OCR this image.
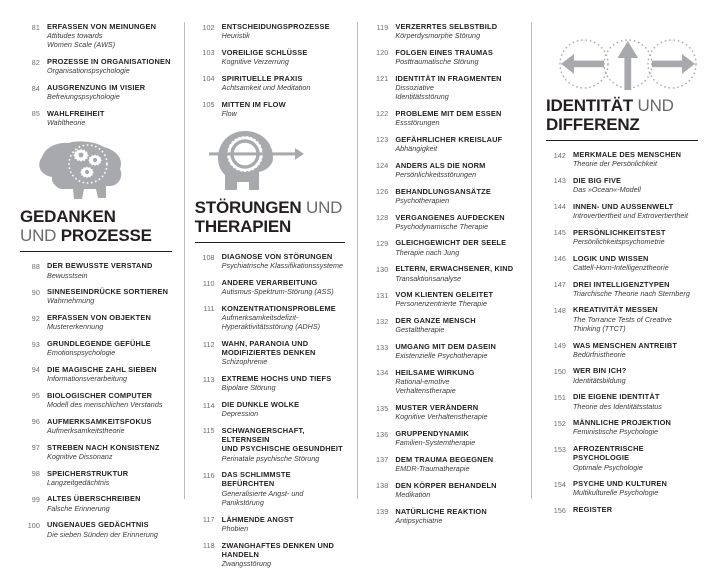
81 ERFASSEN VON MEINUNGEN
Attitudes towards
Women Scale (AWS)
82 PROZESSE IN ORGANISATIONEN
Organisationspsychologie
84 AUSGRENZUNG IM VISIER
Befreiungspsychologie
85 WAHLFREIHEIT
Wahltheorie
GEDANKEN
UND PROZESSE
88 DER BEWUSSTE VERSTAND
Bewusstsein
90 SINNESEINDRÜCKE SORTIEREN
Wahrnehmung
92 ERFASSEN VON OBJEKTEN
Mustererkennung
93 GRUNDLEGENDE GEFÜHLE
Emotionspsychologie
94 DIE MAGISCHE ZAHL SIEBEN
Informationsverarbeitung
95 BIOLOGISCHER COMPUTER
Modell des menschlichen Verstands
96 AUFMERKSAMKEITSFOKUS
Aufmerksamkeitstheorie
97 STREBEN NACH KONSISTENZ
Kognitive Dissonanz
98 SPEICHERSTRUKTUR
Langzeitgedächtnis
99 ALTES ÜBERSCHREIBEN
Falsche Erinnerung
100 UNGENAUES GEDÄCHTNIS
Die sieben Sünden der Erinnerung
102 ENTSCHEIDUNGSPROZESSE
Heuristik
103 VOREILIGE SCHLÜSSE
Kognitive Verzerrung
104 SPIRITUELLE PRAXIS
Achtsamkeit und Meditation
105 MITTEN IM FLOW
Flow
STÖRUNGEN UND
THERAPIEN
108 DIAGNOSE VON STÖRUNGEN
Psychiatrische Klassifikationssysteme
110 ANDERE VERARBEITUNG
Autismus-Spektrum-Störung (ASS)
111 KONZENTRATIONSPROBLEME
Aufmerksamkeitsdefizit-
Hyperaktivitätsstörung (ADHS)
112 WAHN, PARANOIA UND
MODIFIZIERTES DENKEN
Schizophrenie
113 EXTREME HOCHS UND TIEFS
Bipolare Störung
114 DIE DUNKLE WOLKE
Depression
115 SCHWANGERSCHAFT, ELTERNSEIN
UND PSYCHISCHE GESUNDHEIT
Perinatale psychische Störung
116 DAS SCHLIMMSTE BEFÜRCHTEN
Generalisierte Angst- und
Panikstörung
117 LÄHMENDE ANGST
Phobien
118 ZWANGHAFTES DENKEN UND
HANDELN
Zwangsstörung
119 VERZERRTES SELBSTBILD
Körperdysmorphe Störung
120 FOLGEN EINES TRAUMAS
Posttraumatische Störung
121 IDENTITÄT IN FRAGMENTEN
Dissoziative
Identitätsstörung
122 PROBLEME MIT DEM ESSEN
Essstörungen
123 GEFÄHRLICHER KREISLAUF
Abhängigkeit
124 ANDERS ALS DIE NORM
Persönlichkeitsstörungen
126 BEHANDLUNGSANSÄTZE
Psychotherapien
128 VERGANGENES AUFDECKEN
Psychodynamische Therapie
129 GLEICHGEWICHT DER SEELE
Therapie nach Jung
130 ELTERN, ERWACHSENER, KIND
Transaktionsanalyse
131 VOM KLIENTEN GELEITET
Personenzentrierte Therapie
132 DER GANZE MENSCH
Gestalttherapie
133 UMGANG MIT DEM DASEIN
Existenzielle Psychotherapie
134 HEILSAME WIRKUNG
Rational-emotive
Verhaltenstherapie
135 MUSTER VERÄNDERN
Kognitive Verhaltenstherapie
136 GRUPPENDYNAMIK
Familien-Systemtherapie
137 DEM TRAUMA BEGEGNEN
EMDR-Traumatherapie
138 DEN KÖRPER BEHANDELN
Medikation
139 NATÜRLICHE REAKTION
Antipsychiatrie
IDENTITÄT UND
DIFFERENZ
142 MERKMALE DES MENSCHEN
Theorie der Persönlichkeit
143 DIE BIG FIVE
Das »Ocean«-Modell
144 INNEN- UND AUSSENWELT
Introvertiertheit und Extrovertiertheit
145 PERSÖNLICHKEITSTEST
Persönlichkeitspsychometrie
146 LOGIK UND WISSEN
Cattell-Horn-Intelligenztheorie
147 DREI INTELLIGENZTYPEN
Triarchische Theorie nach Sternberg
148 KREATIVITÄT MESSEN
The Torrance Tests of Creative
Thinking (TTCT)
149 WAS MENSCHEN ANTREIBT
Bedürfnistheorie
150 WER BIN ICH?
Identitätsbildung
151 DIE EIGENE IDENTITÄT
Theorie des Identitätsstatus
152 MÄNNLICHE PROJEKTION
Feministische Psychologie
153 AFROZENTRISCHE PSYCHOLOGIE
Optimale Psychologie
154 PSYCHE UND KULTUREN
Multikulturelle Psychologie
156 REGISTER
